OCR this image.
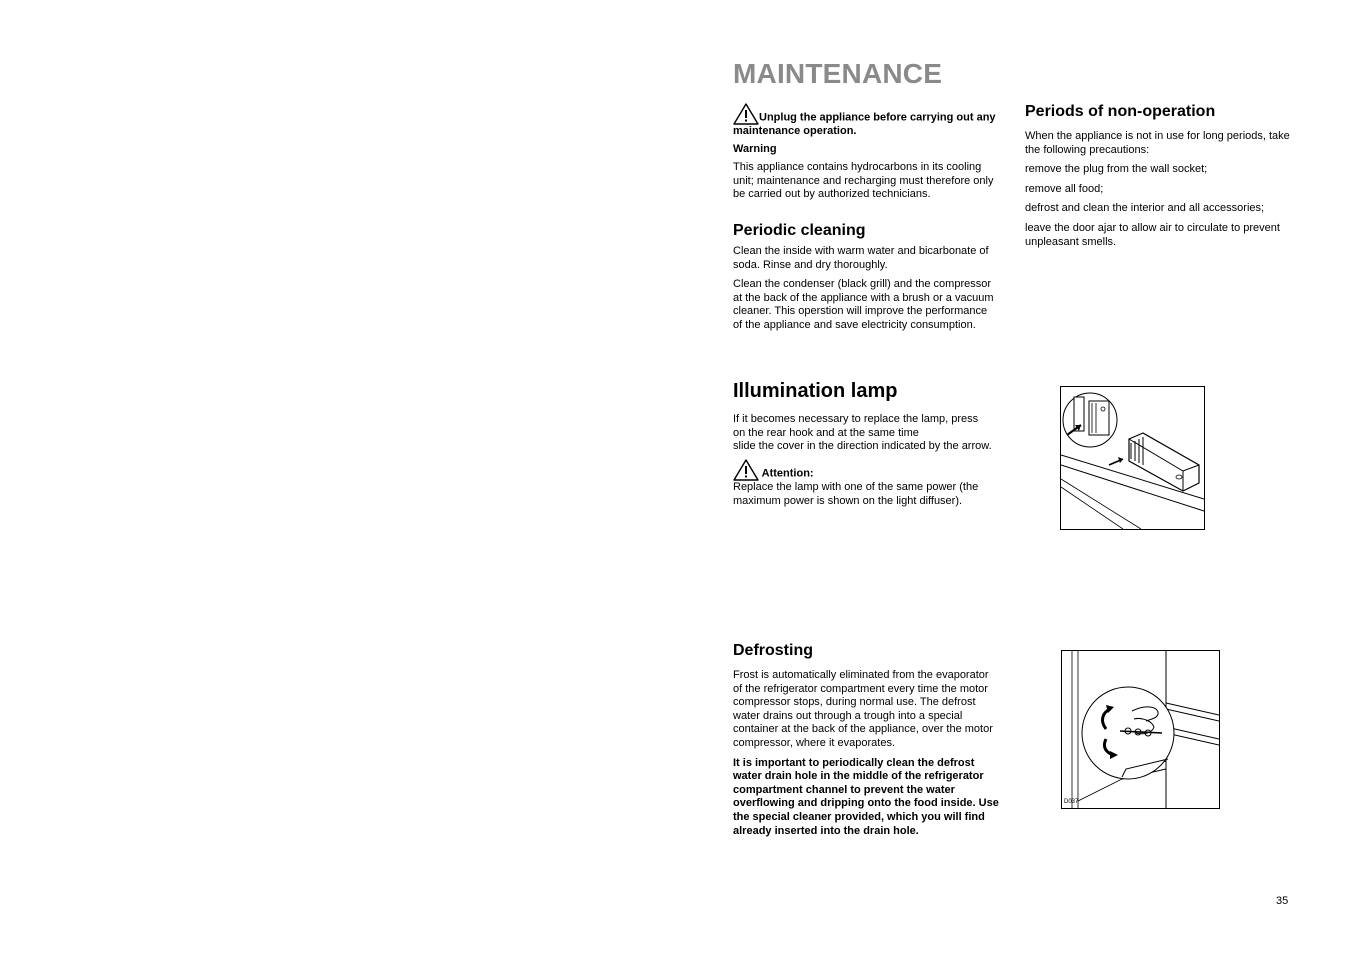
MAINTENANCE

Unplug the appliance before carrying out any maintenance operation.

Warning

This appliance contains hydrocarbons in its cooling unit; maintenance and recharging must therefore only be carried out by authorized technicians.

Periodic cleaning

Clean the inside with warm water and bicarbonate of soda. Rinse and dry thoroughly.

Clean the condenser (black grill) and the compressor at the back of the appliance with a brush or a vacuum cleaner. This operstion will improve the performance of the appliance and save electricity consumption.

Periods of non-operation

When the appliance is not in use for long periods, take the following precautions:

remove the plug from the wall socket;

remove all food;

defrost and clean the interior and all accessories;

leave the door ajar to allow air to circulate to prevent unpleasant smells.

Illumination lamp

If it becomes necessary to replace the lamp, press

on the rear hook and at the same time

slide the cover in the direction indicated by the arrow.

Attention:

Replace the lamp with one of the same power (the maximum power is shown on the light diffuser).

Defrosting

Frost is automatically eliminated from the evaporator of the refrigerator compartment every time the motor compressor stops, during normal use. The defrost water drains out through a trough into a special container at the back of the appliance, over the motor compressor, where it evaporates.

It is important to periodically clean the defrost water drain hole in the middle of the refrigerator compartment channel to prevent the water overflowing and dripping onto the food inside. Use the special cleaner provided, which you will find already inserted into the drain hole.

D037
35
